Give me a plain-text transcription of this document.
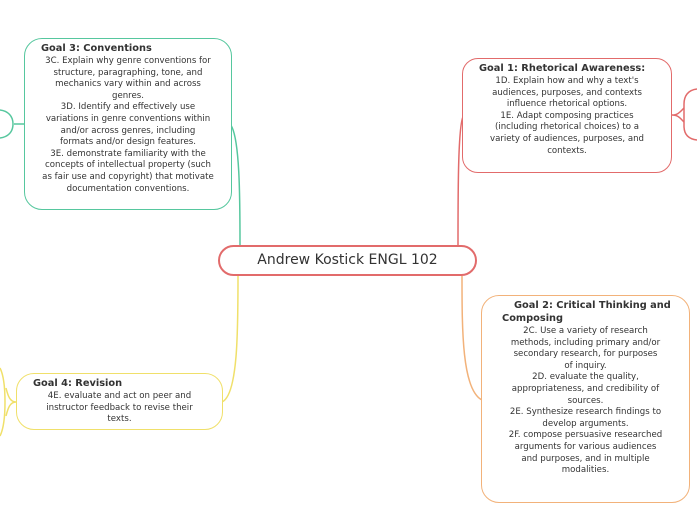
Andrew Kostick ENGL 102
Goal 1: Rhetorical Awareness:
1D. Explain how and why a text's
audiences, purposes, and contexts
influence rhetorical options.
1E. Adapt composing practices
(including rhetorical choices) to a
variety of audiences, purposes, and
contexts.
Goal 2: Critical Thinking and
Composing
2C. Use a variety of research
methods, including primary and/or
secondary research, for purposes
of inquiry.
2D. evaluate the quality,
appropriateness, and credibility of
sources.
2E. Synthesize research findings to
develop arguments.
2F. compose persuasive researched
arguments for various audiences
and purposes, and in multiple
modalities.
Goal 3: Conventions
3C. Explain why genre conventions for
structure, paragraphing, tone, and
mechanics vary within and across
genres.
3D. Identify and effectively use
variations in genre conventions within
and/or across genres, including
formats and/or design features.
3E. demonstrate familiarity with the
concepts of intellectual property (such
as fair use and copyright) that motivate
documentation conventions.
Goal 4: Revision
4E. evaluate and act on peer and
instructor feedback to revise their
texts.
